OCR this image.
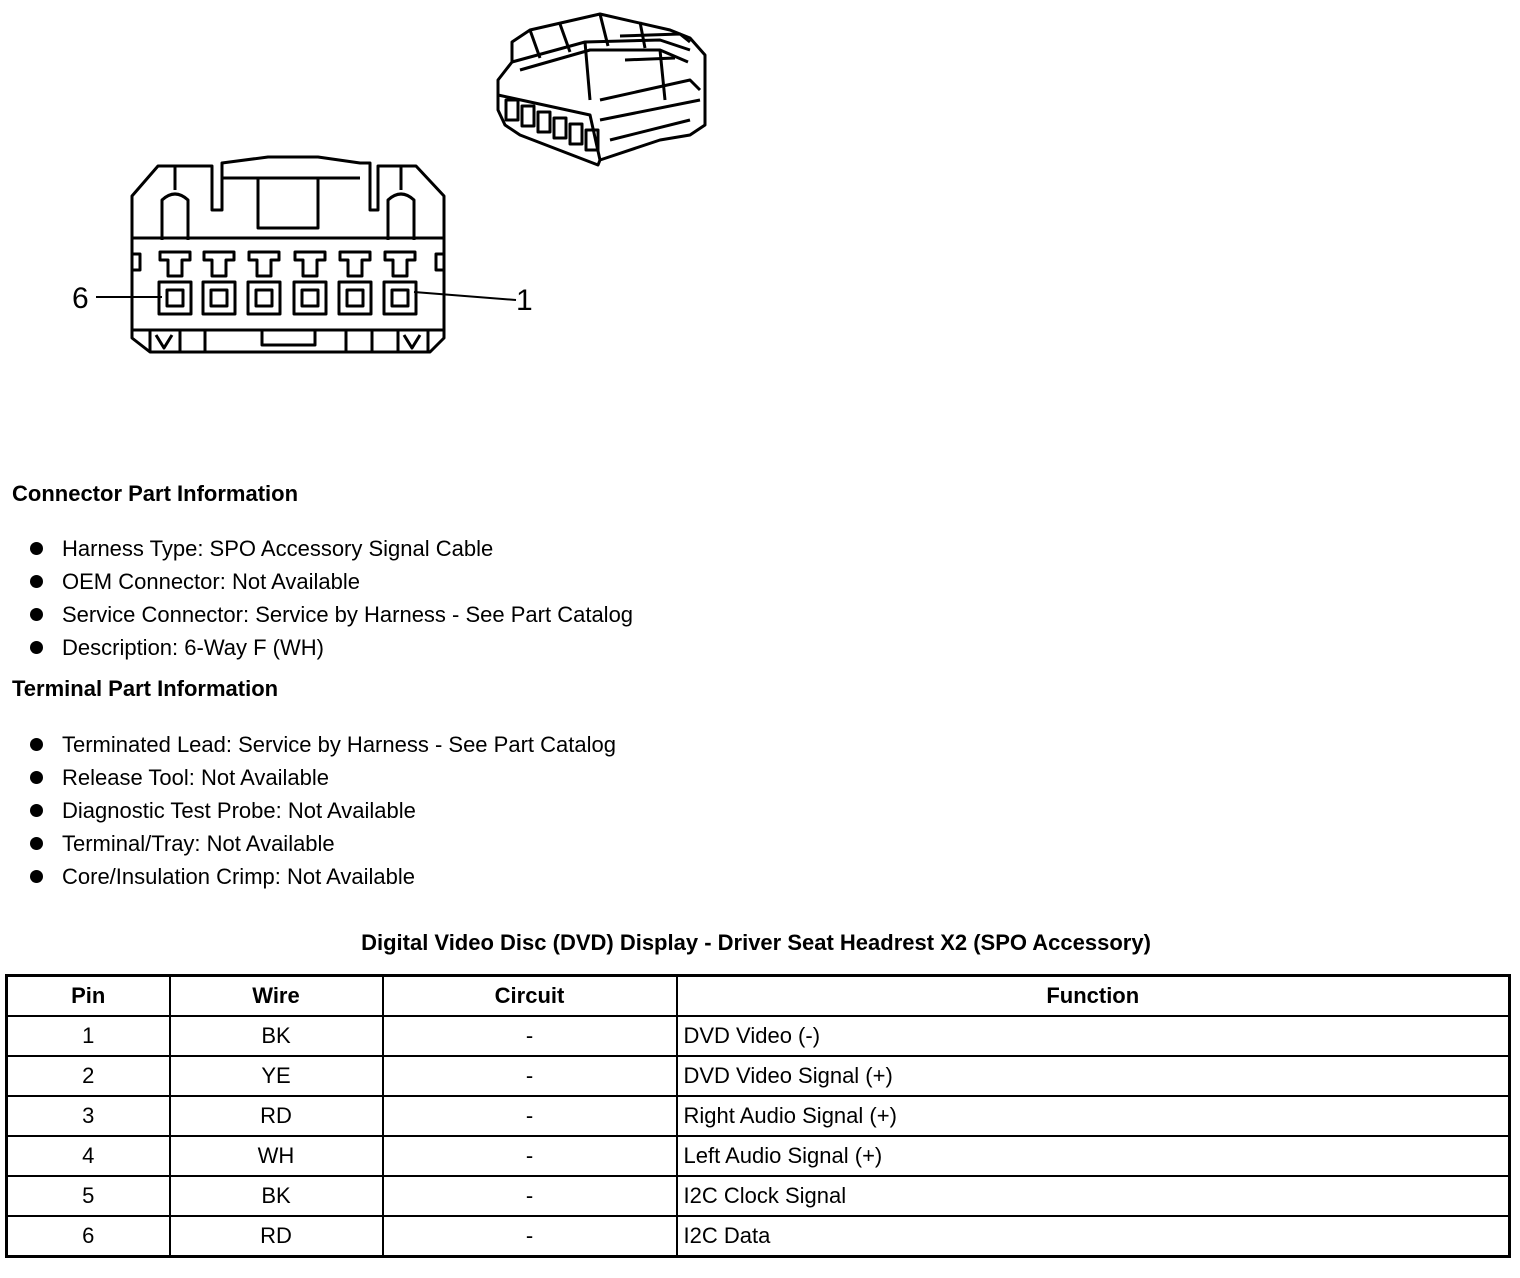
6	1
Connector Part Information
Harness Type: SPO Accessory Signal Cable
OEM Connector: Not Available
Service Connector: Service by Harness - See Part Catalog
Description: 6-Way F (WH)
Terminal Part Information
Terminated Lead: Service by Harness - See Part Catalog
Release Tool: Not Available
Diagnostic Test Probe: Not Available
Terminal/Tray: Not Available
Core/Insulation Crimp: Not Available
Digital Video Disc (DVD) Display - Driver Seat Headrest X2 (SPO Accessory)
Pin	Wire	Circuit	Function
1	BK	-	DVD Video (-)
2	YE	-	DVD Video Signal (+)
3	RD	-	Right Audio Signal (+)
4	WH	-	Left Audio Signal (+)
5	BK	-	I2C Clock Signal
6	RD	-	I2C Data
